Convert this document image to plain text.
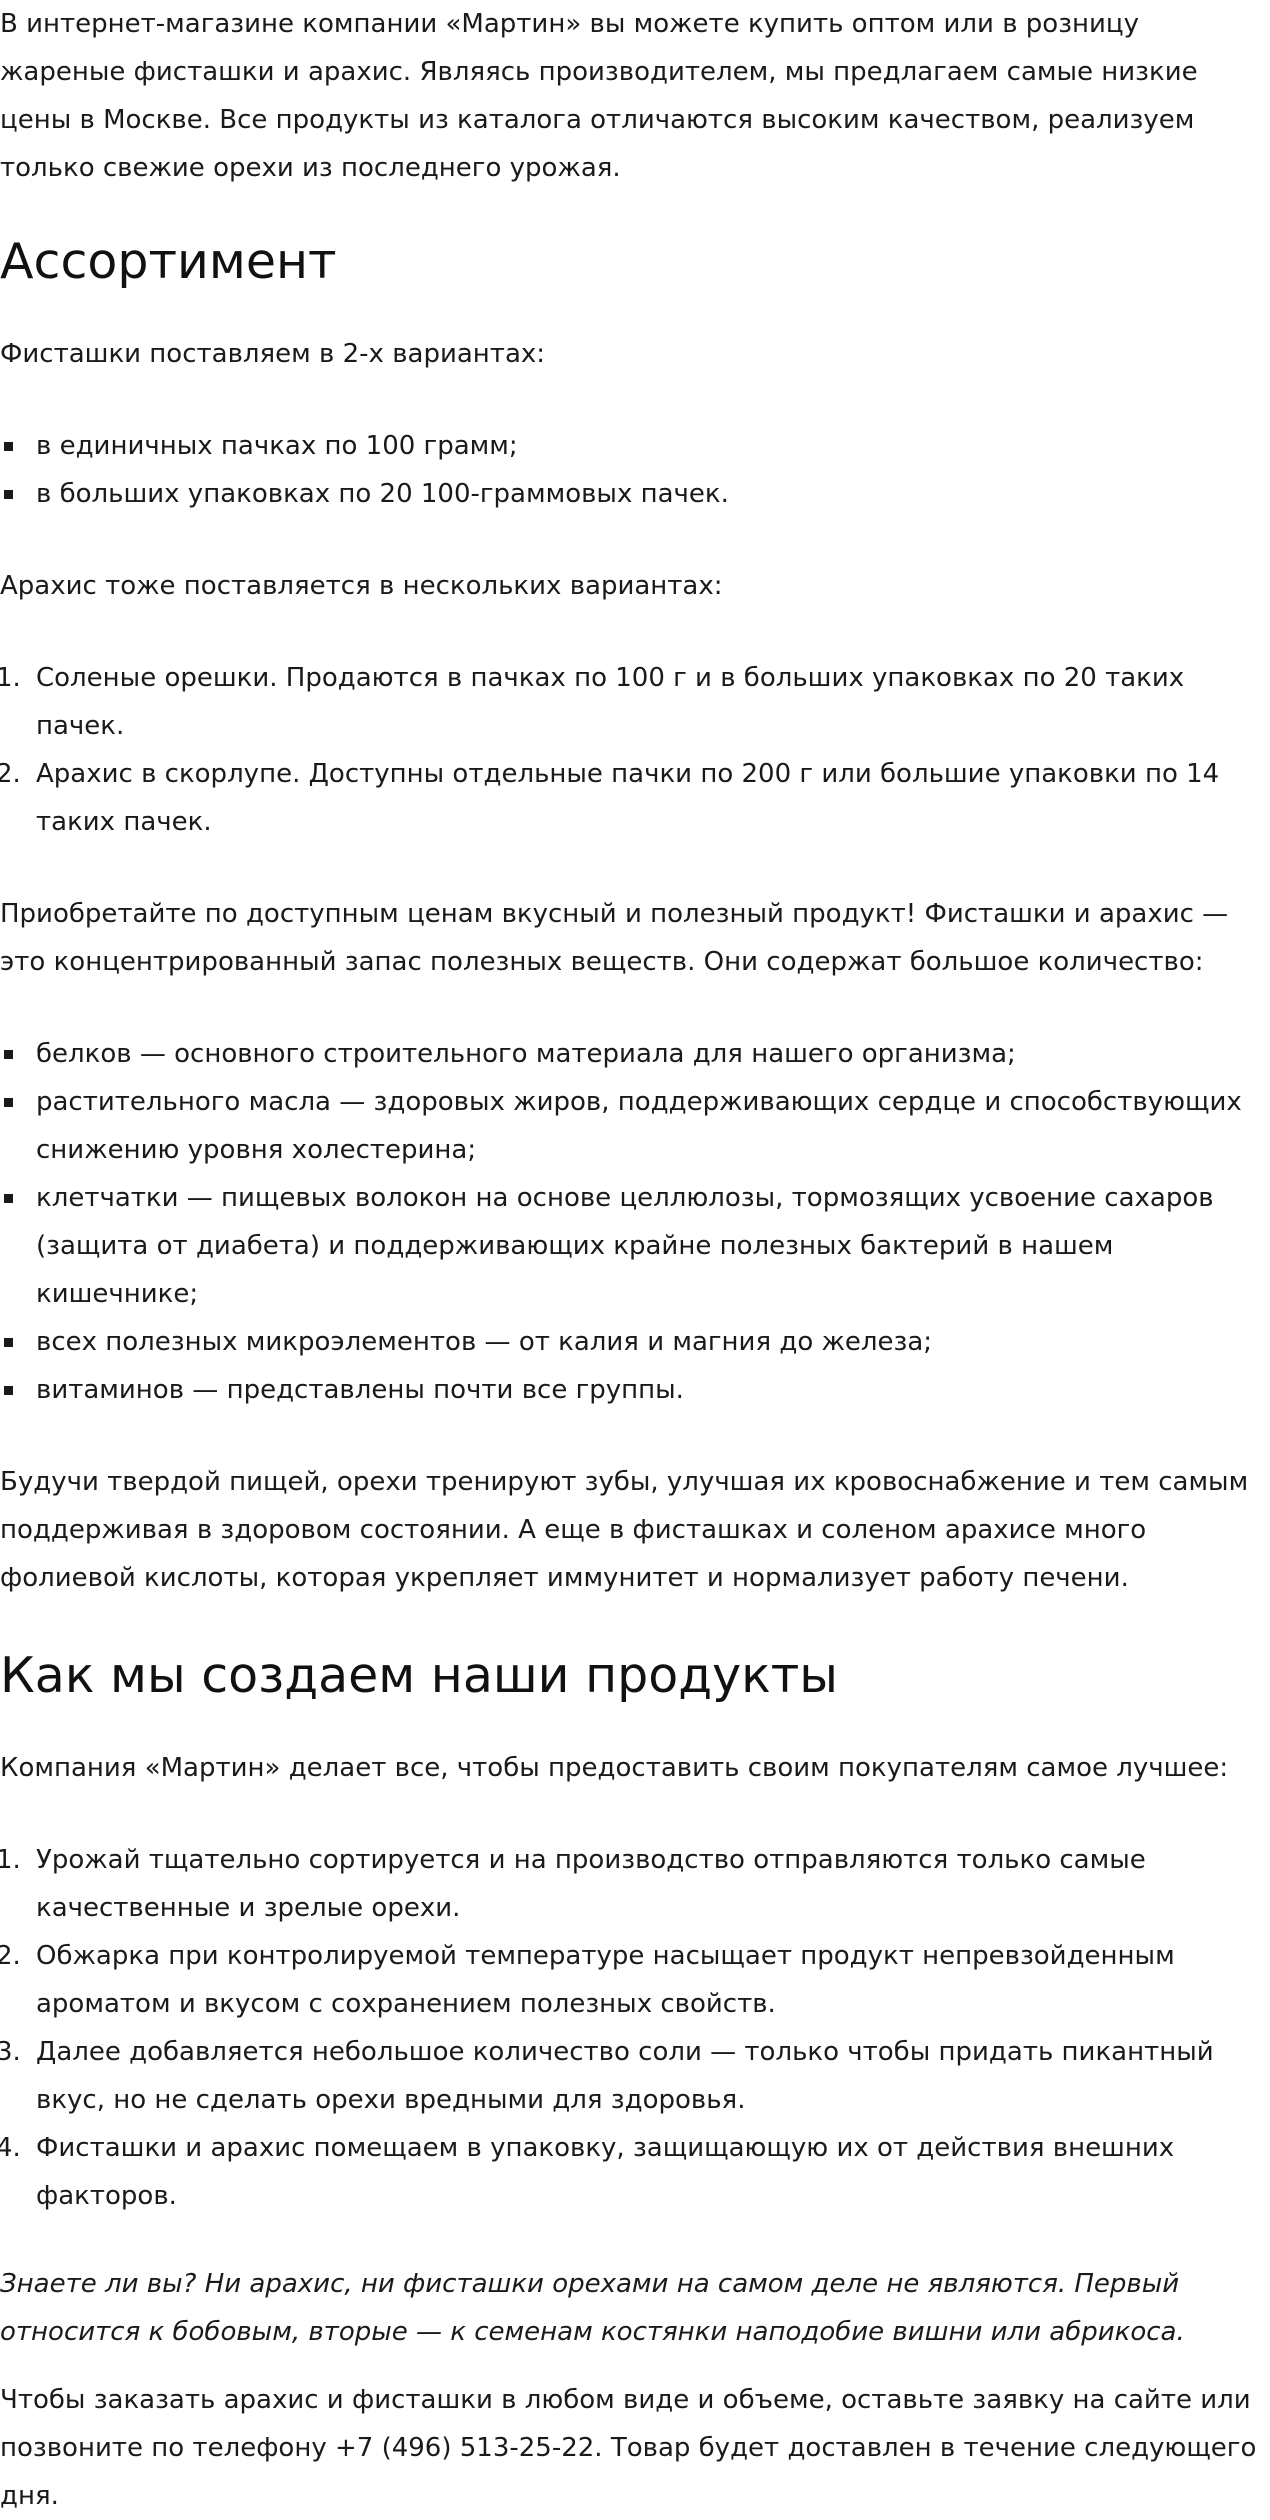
В интернет-магазине компании «Мартин» вы можете купить оптом или в розницу жареные фисташки и арахис. Являясь производителем, мы предлагаем самые низкие цены в Москве. Все продукты из каталога отличаются высоким качеством, реализуем только свежие орехи из последнего урожая.

Ассортимент

Фисташки поставляем в 2-х вариантах:

в единичных пачках по 100 грамм;
в больших упаковках по 20 100-граммовых пачек.

Арахис тоже поставляется в нескольких вариантах:

Соленые орешки. Продаются в пачках по 100 г и в больших упаковках по 20 таких пачек.
Арахис в скорлупе. Доступны отдельные пачки по 200 г или большие упаковки по 14 таких пачек.

Приобретайте по доступным ценам вкусный и полезный продукт! Фисташки и арахис — это концентрированный запас полезных веществ. Они содержат большое количество:

белков — основного строительного материала для нашего организма;
растительного масла — здоровых жиров, поддерживающих сердце и способствующих снижению уровня холестерина;
клетчатки — пищевых волокон на основе целлюлозы, тормозящих усвоение сахаров (защита от диабета) и поддерживающих крайне полезных бактерий в нашем кишечнике;
всех полезных микроэлементов — от калия и магния до железа;
витаминов — представлены почти все группы.

Будучи твердой пищей, орехи тренируют зубы, улучшая их кровоснабжение и тем самым поддерживая в здоровом состоянии. А еще в фисташках и соленом арахисе много фолиевой кислоты, которая укрепляет иммунитет и нормализует работу печени.

Как мы создаем наши продукты

Компания «Мартин» делает все, чтобы предоставить своим покупателям самое лучшее:

Урожай тщательно сортируется и на производство отправляются только самые качественные и зрелые орехи.
Обжарка при контролируемой температуре насыщает продукт непревзойденным ароматом и вкусом с сохранением полезных свойств.
Далее добавляется небольшое количество соли — только чтобы придать пикантный вкус, но не сделать орехи вредными для здоровья.
Фисташки и арахис помещаем в упаковку, защищающую их от действия внешних факторов.

Знаете ли вы? Ни арахис, ни фисташки орехами на самом деле не являются. Первый относится к бобовым, вторые — к семенам костянки наподобие вишни или абрикоса.

Чтобы заказать арахис и фисташки в любом виде и объеме, оставьте заявку на сайте или позвоните по телефону +7 (496) 513-25-22. Товар будет доставлен в течение следующего дня.
